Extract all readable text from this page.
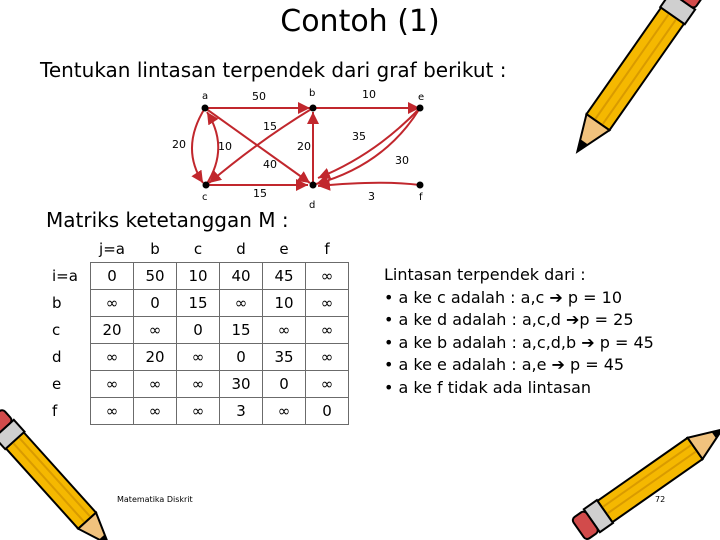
Contoh (1)
Tentukan lintasan terpendek dari graf berikut :
a	b	e
c
d
f
50	10
15
20	10	20
35
30
40
15	3
Matriks ketetanggan M :
	j=a	b	c	d	e	f
i=a	0	50	10	40	45	∞
b	∞	0	15	∞	10	∞
c	20	∞	0	15	∞	∞
d	∞	20	∞	0	35	∞
e	∞	∞	∞	30	0	∞
f	∞	∞	∞	3	∞	0
Lintasan terpendek dari :
• a ke c adalah : a,c ➔ p = 10
• a ke d adalah : a,c,d ➔p = 25
• a ke b adalah : a,c,d,b ➔ p = 45
• a ke e adalah : a,e ➔ p = 45
• a ke f tidak ada lintasan
Matematika Diskrit	72
